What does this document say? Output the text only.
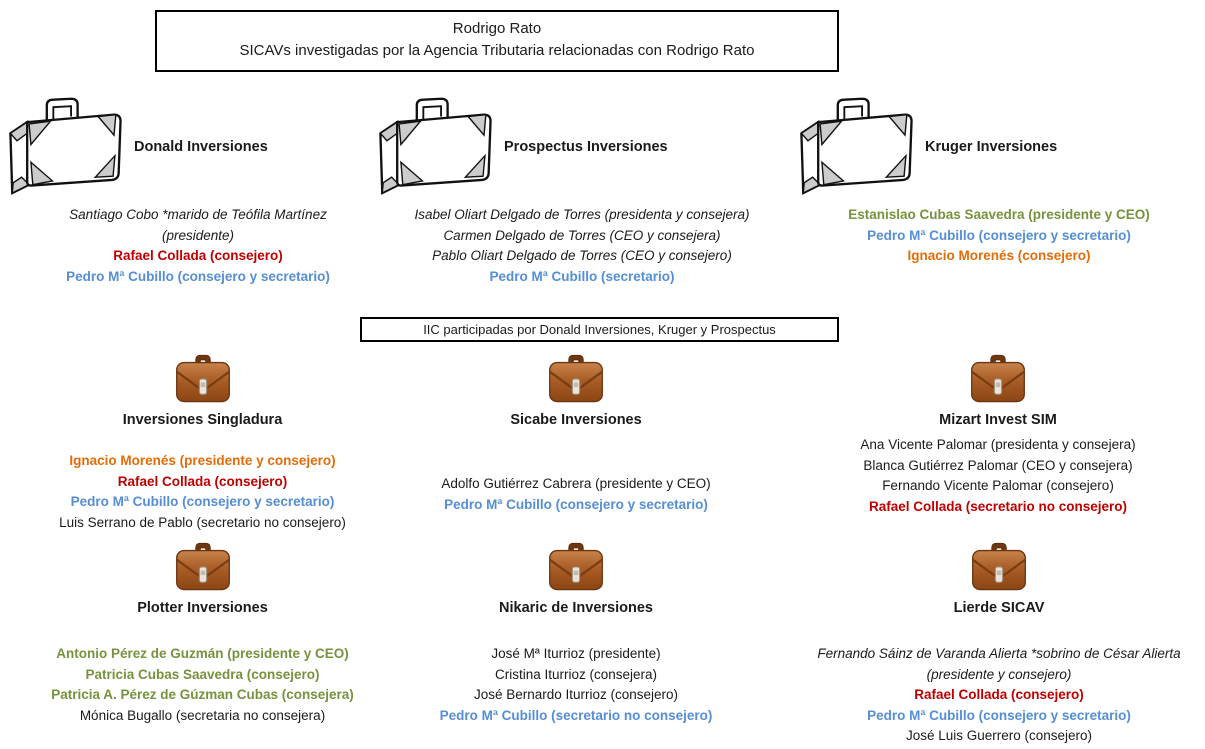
Rodrigo Rato
SICAVs investigadas por la Agencia Tributaria relacionadas con Rodrigo Rato
Donald Inversiones
Santiago Cobo *marido de Teófila Martínez
(presidente)
Rafael Collada (consejero)
Pedro Mª Cubillo (consejero y secretario)
Prospectus Inversiones
Isabel Oliart Delgado de Torres (presidenta y consejera)
Carmen Delgado de Torres (CEO y consejera)
Pablo Oliart Delgado de Torres (CEO y consejero)
Pedro Mª Cubillo (secretario)
Kruger Inversiones
Estanislao Cubas Saavedra (presidente y CEO)
Pedro Mª Cubillo (consejero y secretario)
Ignacio Morenés (consejero)
IIC participadas por Donald Inversiones, Kruger y Prospectus
Inversiones Singladura
Ignacio Morenés (presidente y consejero)
Rafael Collada (consejero)
Pedro Mª Cubillo (consejero y secretario)
Luis Serrano de Pablo (secretario no consejero)
Sicabe Inversiones
Adolfo Gutiérrez Cabrera (presidente y CEO)
Pedro Mª Cubillo (consejero y secretario)
Mizart Invest SIM
Ana Vicente Palomar (presidenta y consejera)
Blanca Gutiérrez Palomar (CEO y consejera)
Fernando Vicente Palomar (consejero)
Rafael Collada (secretario no consejero)
Plotter Inversiones
Antonio Pérez de Guzmán (presidente y CEO)
Patricia Cubas Saavedra (consejero)
Patricia A. Pérez de Gúzman Cubas (consejera)
Mónica Bugallo (secretaria no consejera)
Nikaric de Inversiones
José Mª Iturrioz (presidente)
Cristina Iturrioz (consejera)
José Bernardo Iturrioz (consejero)
Pedro Mª Cubillo (secretario no consejero)
Lierde SICAV
Fernando Sáinz de Varanda Alierta *sobrino de César Alierta
(presidente y consejero)
Rafael Collada (consejero)
Pedro Mª Cubillo (consejero y secretario)
José Luis Guerrero (consejero)
